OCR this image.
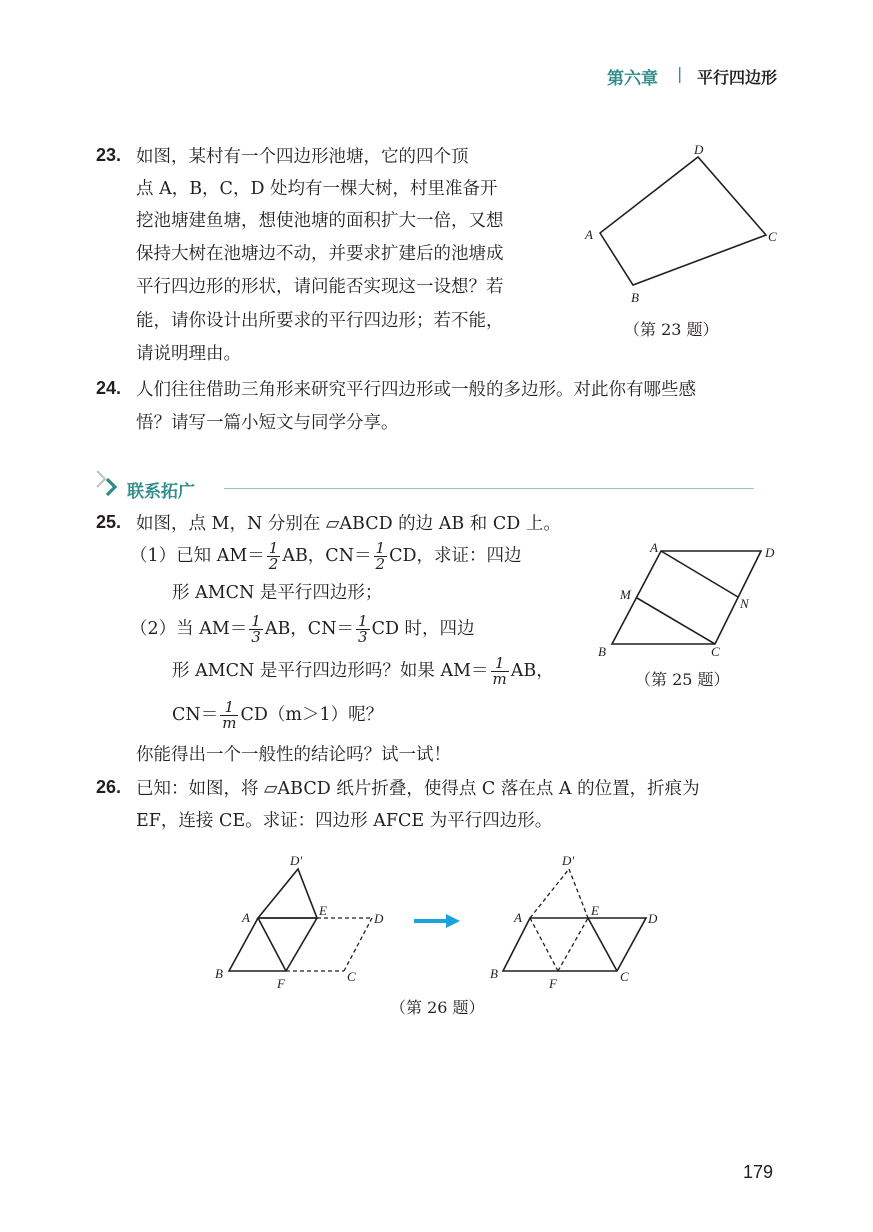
第六章 | 平行四边形
23. 如图，某村有一个四边形池塘，它的四个顶
点 A，B，C，D 处均有一棵大树，村里准备开
挖池塘建鱼塘，想使池塘的面积扩大一倍，又想
保持大树在池塘边不动，并要求扩建后的池塘成
平行四边形的形状，请问能否实现这一设想？若
能，请你设计出所要求的平行四边形；若不能，
请说明理由。
A
B
C
D
（第 23 题）
24. 人们往往借助三角形来研究平行四边形或一般的多边形。对此你有哪些感
悟？请写一篇小短文与同学分享。
联系拓广
25. 如图，点 M，N 分别在 ▱ABCD 的边 AB 和 CD 上。
（1）已知 $AM= \frac{1}{2}$ AB，$CN= \frac{1}{2}$ CD，求证：四边
形 AMCN 是平行四边形；
（2）当 $AM= \frac{1}{3}$ AB，$CN= \frac{1}{3}$ CD 时，四边
形 AMCN 是平行四边形吗？如果 $AM= \frac{1}{m}$ AB，
$CN= \frac{1}{m} CD(m>1)$呢？
你能得出一个一般性的结论吗？试一试！
A	D
B	C
M
N
（第 25 题）
26. 已知：如图，将 ▱ABCD 纸片折叠，使得点 C 落在点 A 的位置，折痕为
EF，连接 CE。求证：四边形 AFCE 为平行四边形。
D′
A	E
D
B
F	C
D′
A	E
D
B
F	C
（第 26 题）
179
